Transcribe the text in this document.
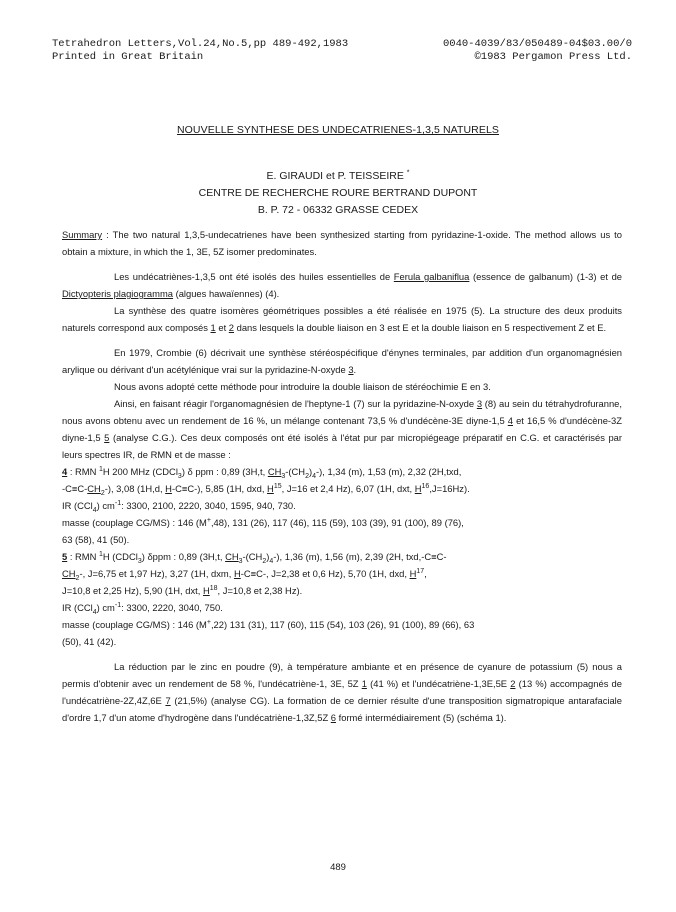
Tetrahedron Letters,Vol.24,No.5,pp 489-492,1983	0040-4039/83/050489-04$03.00/0
Printed in Great Britain	©1983 Pergamon Press Ltd.
NOUVELLE SYNTHESE DES UNDECATRIENES-1,3,5 NATURELS
E. GIRAUDI et P. TEISSEIRE *
CENTRE DE RECHERCHE ROURE BERTRAND DUPONT
B. P. 72 - 06332 GRASSE CEDEX

Summary : The two natural 1,3,5-undecatrienes have been synthesized starting from pyridazine-1-oxide. The method allows us to obtain a mixture, in which the 1, 3E, 5Z isomer predominates.

Les undécatriènes-1,3,5 ont été isolés des huiles essentielles de Ferula galbaniflua (essence de galbanum) (1-3) et de Dictyopteris plagiogramma (algues hawaïennes) (4).

La synthèse des quatre isomères géométriques possibles a été réalisée en 1975 (5). La structure des deux produits naturels correspond aux composés 1 et 2 dans lesquels la double liaison en 3 est E et la double liaison en 5 respectivement Z et E.

En 1979, Crombie (6) décrivait une synthèse stéréospécifique d'énynes terminales, par addition d'un organomagnésien arylique ou dérivant d'un acétylénique vrai sur la pyridazine-N-oxyde 3.

Nous avons adopté cette méthode pour introduire la double liaison de stéréochimie E en 3.

Ainsi, en faisant réagir l'organomagnésien de l'heptyne-1 (7) sur la pyridazine-N-oxyde 3 (8) au sein du tétrahydrofuranne, nous avons obtenu avec un rendement de 16 %, un mélange contenant 73,5 % d'undécène-3E diyne-1,5 4 et 16,5 % d'undécène-3Z diyne-1,5 5 (analyse C.G.). Ces deux composés ont été isolés à l'état pur par micropiégeage préparatif en C.G. et caractérisés par leurs spectres IR, de RMN et de masse :

4 : RMN $^1$H 200 MHz (CDCl$_3$) δ ppm : 0,89 (3H,t, $CH_3-(CH_2)_4-$), 1,34 (m), 1,53 (m), 2,32 (2H,txd,
$-C\equiv C-CH_2-$), 3,08 (1H,d, H-C≡C-), 5,85 (1H, dxd, $H^{15}$, J=16 et 2,4 Hz), 6,07 (1H, dxt, $H^{16},J=16Hz$).

IR (CCl$_4$) $cm^{-1}$: 3300, 2100, 2220, 3040, 1595, 940, 730.

masse (couplage CG/MS) : 146 (M+,48), 131 (26), 117 (46), 115 (59), 103 (39), 91 (100), 89 (76),
63 (58), 41 (50).

5 : RMN $^1$H (CDCl$_3$) δppm : 0,89 (3H,t, $CH_3-(CH_2)_4-$), 1,36 (m), 1,56 (m), 2,39 (2H, txd,-C≡C-
$CH_2-$, J=6,75 et 1,97 Hz), 3,27 (1H, dxm, H-C≡C-, J=2,38 et 0,6 Hz), 5,70 (1H, dxd, $H^{17}$,
J=10,8 et 2,25 Hz), 5,90 (1H, dxt, $H^{18}$, J=10,8 et 2,38 Hz).

IR (CCl$_4$) $cm^{-1}$: 3300, 2220, 3040, 750.

masse (couplage CG/MS) : 146 (M+,22) 131 (31), 117 (60), 115 (54), 103 (26), 91 (100), 89 (66), 63
(50), 41 (42).

La réduction par le zinc en poudre (9), à température ambiante et en présence de cyanure de potassium (5) nous a permis d'obtenir avec un rendement de 58 %, l'undécatriène-1, 3E, 5Z 1 (41 %) et l'undécatriène-1,3E,5E 2 (13 %) accompagnés de l'undécatriène-2Z,4Z,6E 7 (21,5%) (analyse CG). La formation de ce dernier résulte d'une transposition sigmatropique antarafaciale d'ordre 1,7 d'un atome d'hydrogène dans l'undécatriène-1,3Z,5Z 6 formé intermédiairement (5) (schéma 1).

489
